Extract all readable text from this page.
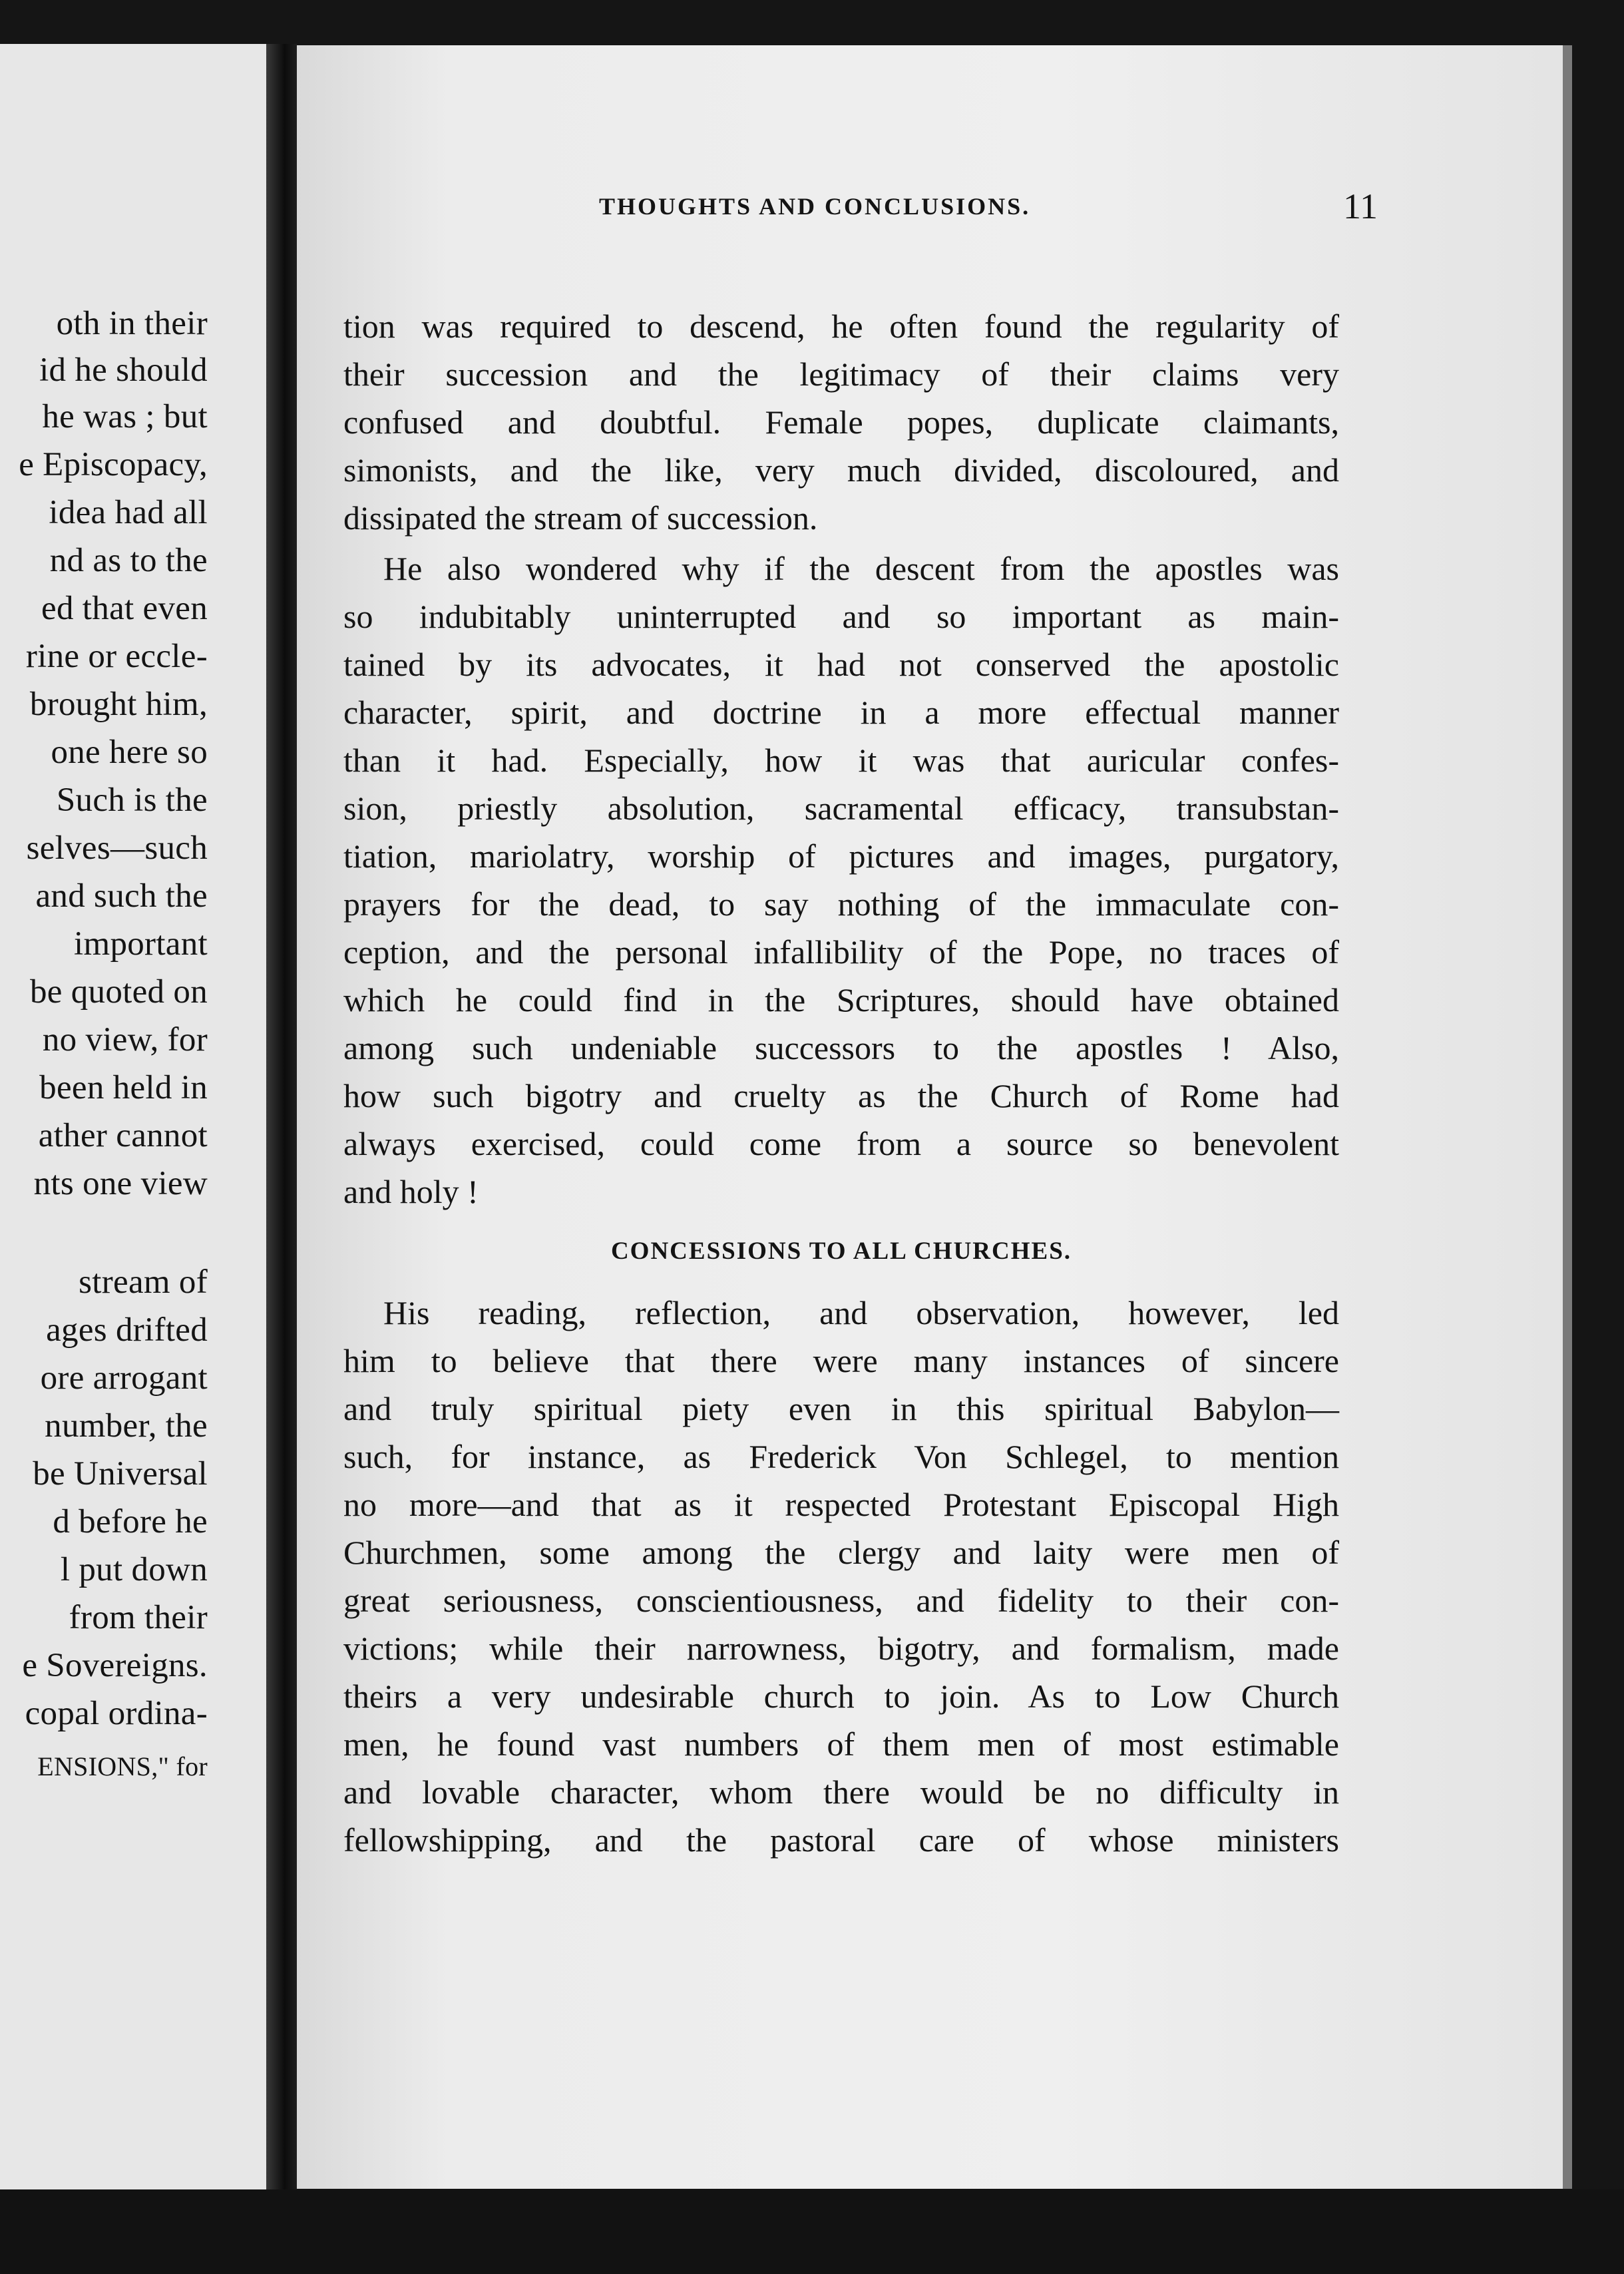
oth in their
id he should
he was ; but
e Episcopacy,
idea had all
nd as to the
ed that even
rine or eccle-
brought him,
one here so
Such is the
selves—such
and such the
important
be quoted on
no view, for
been held in
ather cannot
nts one view
stream of
ages drifted
ore arrogant
number, the
be Universal
d before he
l put down
from their
e Sovereigns.
copal ordina-
ENSIONS," for
THOUGHTS AND CONCLUSIONS.	11
tion was required to descend, he often found the regularity of
their succession and the legitimacy of their claims very
confused and doubtful. Female popes, duplicate claimants,
simonists, and the like, very much divided, discoloured, and
dissipated the stream of succession.
He also wondered why if the descent from the apostles was
so indubitably uninterrupted and so important as main-
tained by its advocates, it had not conserved the apostolic
character, spirit, and doctrine in a more effectual manner
than it had. Especially, how it was that auricular confes-
sion, priestly absolution, sacramental efficacy, transubstan-
tiation, mariolatry, worship of pictures and images, purgatory,
prayers for the dead, to say nothing of the immaculate con-
ception, and the personal infallibility of the Pope, no traces of
which he could find in the Scriptures, should have obtained
among such undeniable successors to the apostles ! Also,
how such bigotry and cruelty as the Church of Rome had
always exercised, could come from a source so benevolent
and holy !
CONCESSIONS TO ALL CHURCHES.
His reading, reflection, and observation, however, led
him to believe that there were many instances of sincere
and truly spiritual piety even in this spiritual Babylon—
such, for instance, as Frederick Von Schlegel, to mention
no more—and that as it respected Protestant Episcopal High
Churchmen, some among the clergy and laity were men of
great seriousness, conscientiousness, and fidelity to their con-
victions; while their narrowness, bigotry, and formalism, made
theirs a very undesirable church to join. As to Low Church
men, he found vast numbers of them men of most estimable
and lovable character, whom there would be no difficulty in
fellowshipping, and the pastoral care of whose ministers
